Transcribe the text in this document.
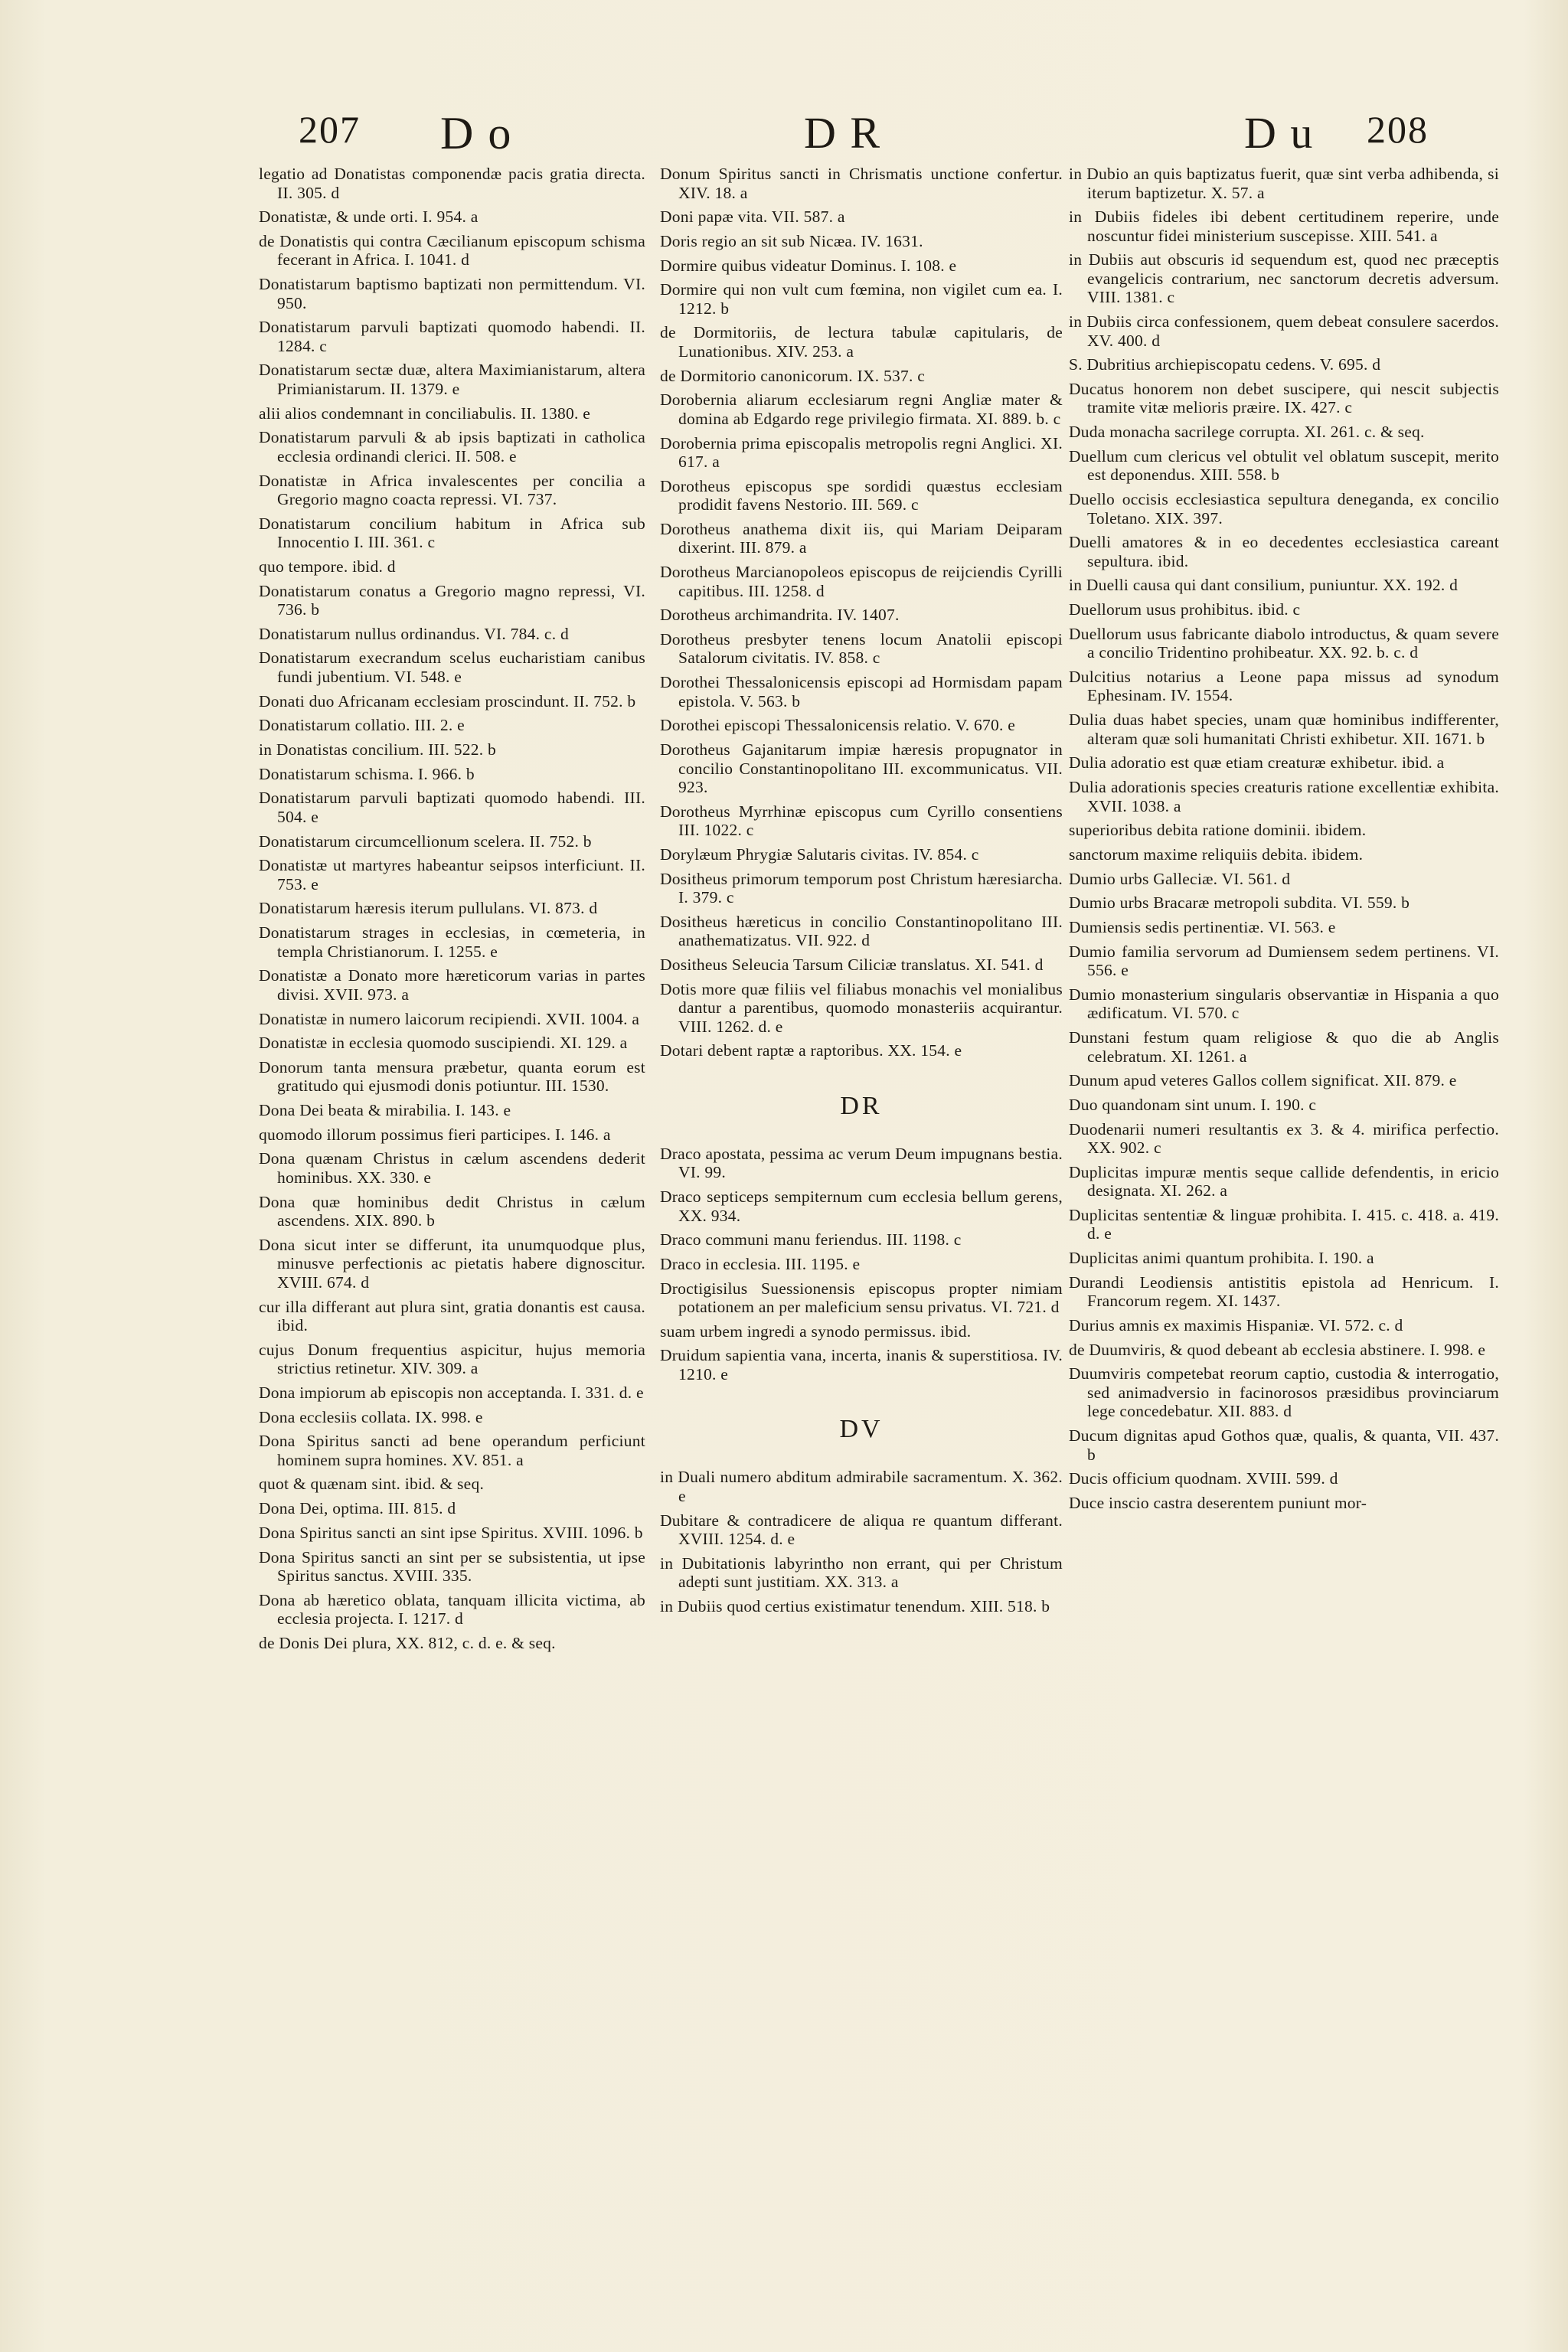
207 D o	D R	D u 208

legatio ad Donatistas componendæ pacis gratia directa. II. 305. d

Donatistæ, & unde orti. I. 954. a

de Donatistis qui contra Cæcilianum episcopum schisma fecerant in Africa. I. 1041. d

Donatistarum baptismo baptizati non permittendum. VI. 950.

Donatistarum parvuli baptizati quomodo habendi. II. 1284. c

Donatistarum sectæ duæ, altera Maximianistarum, altera Primianistarum. II. 1379. e

alii alios condemnant in conciliabulis. II. 1380. e

Donatistarum parvuli & ab ipsis baptizati in catholica ecclesia ordinandi clerici. II. 508. e

Donatistæ in Africa invalescentes per concilia a Gregorio magno coacta repressi. VI. 737.

Donatistarum concilium habitum in Africa sub Innocentio I. III. 361. c

quo tempore. ibid. d

Donatistarum conatus a Gregorio magno repressi, VI. 736. b

Donatistarum nullus ordinandus. VI. 784. c. d

Donatistarum execrandum scelus eucharistiam canibus fundi jubentium. VI. 548. e

Donati duo Africanam ecclesiam proscindunt. II. 752. b

Donatistarum collatio. III. 2. e

in Donatistas concilium. III. 522. b

Donatistarum schisma. I. 966. b

Donatistarum parvuli baptizati quomodo habendi. III. 504. e

Donatistarum circumcellionum scelera. II. 752. b

Donatistæ ut martyres habeantur seipsos interficiunt. II. 753. e

Donatistarum hæresis iterum pullulans. VI. 873. d

Donatistarum strages in ecclesias, in cœmeteria, in templa Christianorum. I. 1255. e

Donatistæ a Donato more hæreticorum varias in partes divisi. XVII. 973. a

Donatistæ in numero laicorum recipiendi. XVII. 1004. a

Donatistæ in ecclesia quomodo suscipiendi. XI. 129. a

Donorum tanta mensura præbetur, quanta eorum est gratitudo qui ejusmodi donis potiuntur. III. 1530.

Dona Dei beata & mirabilia. I. 143. e

quomodo illorum possimus fieri participes. I. 146. a

Dona quænam Christus in cælum ascendens dederit hominibus. XX. 330. e

Dona quæ hominibus dedit Christus in cælum ascendens. XIX. 890. b

Dona sicut inter se differunt, ita unumquodque plus, minusve perfectionis ac pietatis habere dignoscitur. XVIII. 674. d

cur illa differant aut plura sint, gratia donantis est causa. ibid.

cujus Donum frequentius aspicitur, hujus memoria strictius retinetur. XIV. 309. a

Dona impiorum ab episcopis non acceptanda. I. 331. d. e

Dona ecclesiis collata. IX. 998. e

Dona Spiritus sancti ad bene operandum perficiunt hominem supra homines. XV. 851. a

quot & quænam sint. ibid. & seq.

Dona Dei, optima. III. 815. d

Dona Spiritus sancti an sint ipse Spiritus. XVIII. 1096. b

Dona Spiritus sancti an sint per se subsistentia, ut ipse Spiritus sanctus. XVIII. 335.

Dona ab hæretico oblata, tanquam illicita victima, ab ecclesia projecta. I. 1217. d

de Donis Dei plura, XX. 812, c. d. e. & seq.

Donum Spiritus sancti in Chrismatis unctione confertur. XIV. 18. a

Doni papæ vita. VII. 587. a

Doris regio an sit sub Nicæa. IV. 1631.

Dormire quibus videatur Dominus. I. 108. e

Dormire qui non vult cum fœmina, non vigilet cum ea. I. 1212. b

de Dormitoriis, de lectura tabulæ capitularis, de Lunationibus. XIV. 253. a

de Dormitorio canonicorum. IX. 537. c

Dorobernia aliarum ecclesiarum regni Angliæ mater & domina ab Edgardo rege privilegio firmata. XI. 889. b. c

Dorobernia prima episcopalis metropolis regni Anglici. XI. 617. a

Dorotheus episcopus spe sordidi quæstus ecclesiam prodidit favens Nestorio. III. 569. c

Dorotheus anathema dixit iis, qui Mariam Deiparam dixerint. III. 879. a

Dorotheus Marcianopoleos episcopus de reijciendis Cyrilli capitibus. III. 1258. d

Dorotheus archimandrita. IV. 1407.

Dorotheus presbyter tenens locum Anatolii episcopi Satalorum civitatis. IV. 858. c

Dorothei Thessalonicensis episcopi ad Hormisdam papam epistola. V. 563. b

Dorothei episcopi Thessalonicensis relatio. V. 670. e

Dorotheus Gajanitarum impiæ hæresis propugnator in concilio Constantinopolitano III. excommunicatus. VII. 923.

Dorotheus Myrrhinæ episcopus cum Cyrillo consentiens III. 1022. c

Dorylæum Phrygiæ Salutaris civitas. IV. 854. c

Dositheus primorum temporum post Christum hæresiarcha. I. 379. c

Dositheus hæreticus in concilio Constantinopolitano III. anathematizatus. VII. 922. d

Dositheus Seleucia Tarsum Ciliciæ translatus. XI. 541. d

Dotis more quæ filiis vel filiabus monachis vel monialibus dantur a parentibus, quomodo monasteriis acquirantur. VIII. 1262. d. e

Dotari debent raptæ a raptoribus. XX. 154. e

DR

Draco apostata, pessima ac verum Deum impugnans bestia. VI. 99.

Draco septiceps sempiternum cum ecclesia bellum gerens, XX. 934.

Draco communi manu feriendus. III. 1198. c

Draco in ecclesia. III. 1195. e

Droctigisilus Suessionensis episcopus propter nimiam potationem an per maleficium sensu privatus. VI. 721. d

suam urbem ingredi a synodo permissus. ibid.

Druidum sapientia vana, incerta, inanis & superstitiosa. IV. 1210. e

DV

in Duali numero abditum admirabile sacramentum. X. 362. e

Dubitare & contradicere de aliqua re quantum differant. XVIII. 1254. d. e

in Dubitationis labyrintho non errant, qui per Christum adepti sunt justitiam. XX. 313. a

in Dubiis quod certius existimatur tenendum. XIII. 518. b

in Dubio an quis baptizatus fuerit, quæ sint verba adhibenda, si iterum baptizetur. X. 57. a

in Dubiis fideles ibi debent certitudinem reperire, unde noscuntur fidei ministerium suscepisse. XIII. 541. a

in Dubiis aut obscuris id sequendum est, quod nec præceptis evangelicis contrarium, nec sanctorum decretis adversum. VIII. 1381. c

in Dubiis circa confessionem, quem debeat consulere sacerdos. XV. 400. d

S. Dubritius archiepiscopatu cedens. V. 695. d

Ducatus honorem non debet suscipere, qui nescit subjectis tramite vitæ melioris præire. IX. 427. c

Duda monacha sacrilege corrupta. XI. 261. c. & seq.

Duellum cum clericus vel obtulit vel oblatum suscepit, merito est deponendus. XIII. 558. b

Duello occisis ecclesiastica sepultura deneganda, ex concilio Toletano. XIX. 397.

Duelli amatores & in eo decedentes ecclesiastica careant sepultura. ibid.

in Duelli causa qui dant consilium, puniuntur. XX. 192. d

Duellorum usus prohibitus. ibid. c

Duellorum usus fabricante diabolo introductus, & quam severe a concilio Tridentino prohibeatur. XX. 92. b. c. d

Dulcitius notarius a Leone papa missus ad synodum Ephesinam. IV. 1554.

Dulia duas habet species, unam quæ hominibus indifferenter, alteram quæ soli humanitati Christi exhibetur. XII. 1671. b

Dulia adoratio est quæ etiam creaturæ exhibetur. ibid. a

Dulia adorationis species creaturis ratione excellentiæ exhibita. XVII. 1038. a

superioribus debita ratione dominii. ibidem.

sanctorum maxime reliquiis debita. ibidem.

Dumio urbs Galleciæ. VI. 561. d

Dumio urbs Bracaræ metropoli subdita. VI. 559. b

Dumiensis sedis pertinentiæ. VI. 563. e

Dumio familia servorum ad Dumiensem sedem pertinens. VI. 556. e

Dumio monasterium singularis observantiæ in Hispania a quo ædificatum. VI. 570. c

Dunstani festum quam religiose & quo die ab Anglis celebratum. XI. 1261. a

Dunum apud veteres Gallos collem significat. XII. 879. e

Duo quandonam sint unum. I. 190. c

Duodenarii numeri resultantis ex 3. & 4. mirifica perfectio. XX. 902. c

Duplicitas impuræ mentis seque callide defendentis, in ericio designata. XI. 262. a

Duplicitas sententiæ & linguæ prohibita. I. 415. c. 418. a. 419. d. e

Duplicitas animi quantum prohibita. I. 190. a

Durandi Leodiensis antistitis epistola ad Henricum. I. Francorum regem. XI. 1437.

Durius amnis ex maximis Hispaniæ. VI. 572. c. d

de Duumviris, & quod debeant ab ecclesia abstinere. I. 998. e

Duumviris competebat reorum captio, custodia & interrogatio, sed animadversio in facinorosos præsidibus provinciarum lege concedebatur. XII. 883. d

Ducum dignitas apud Gothos quæ, qualis, & quanta, VII. 437. b

Ducis officium quodnam. XVIII. 599. d

Duce inscio castra deserentem puniunt mor-
